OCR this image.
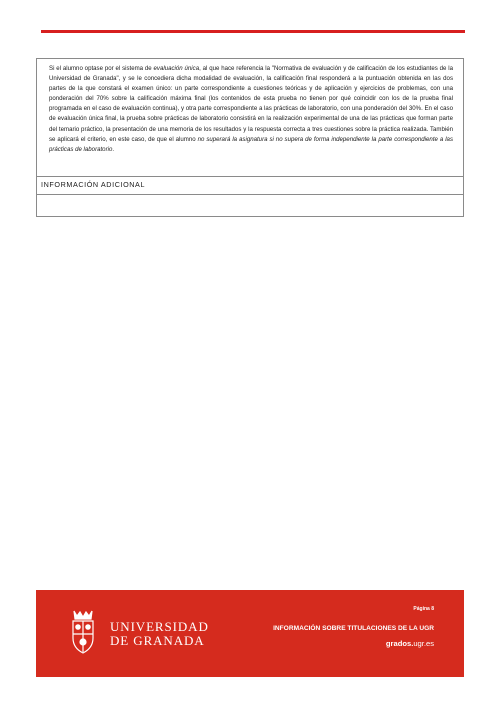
Si el alumno optase por el sistema de evaluación única, al que hace referencia la "Normativa de evaluación y de calificación de los estudiantes de la Universidad de Granada", y se le concediera dicha modalidad de evaluación, la calificación final responderá a la puntuación obtenida en las dos partes de la que constará el examen único: un parte correspondiente a cuestiones teóricas y de aplicación y ejercicios de problemas, con una ponderación del 70% sobre la calificación máxima final (los contenidos de esta prueba no tienen por qué coincidir con los de la prueba final programada en el caso de evaluación continua), y otra parte correspondiente a las prácticas de laboratorio, con una ponderación del 30%. En el caso de evaluación única final, la prueba sobre prácticas de laboratorio consistirá en la realización experimental de una de las prácticas que forman parte del temario práctico, la presentación de una memoria de los resultados y la respuesta correcta a tres cuestiones sobre la práctica realizada. También se aplicará el criterio, en este caso, de que el alumno no superará la asignatura si no supera de forma independiente la parte correspondiente a las prácticas de laboratorio.

INFORMACIÓN ADICIONAL

UNIVERSIDAD
DE GRANADA
Página 8
INFORMACIÓN SOBRE TITULACIONES DE LA UGR
grados.ugr.es
